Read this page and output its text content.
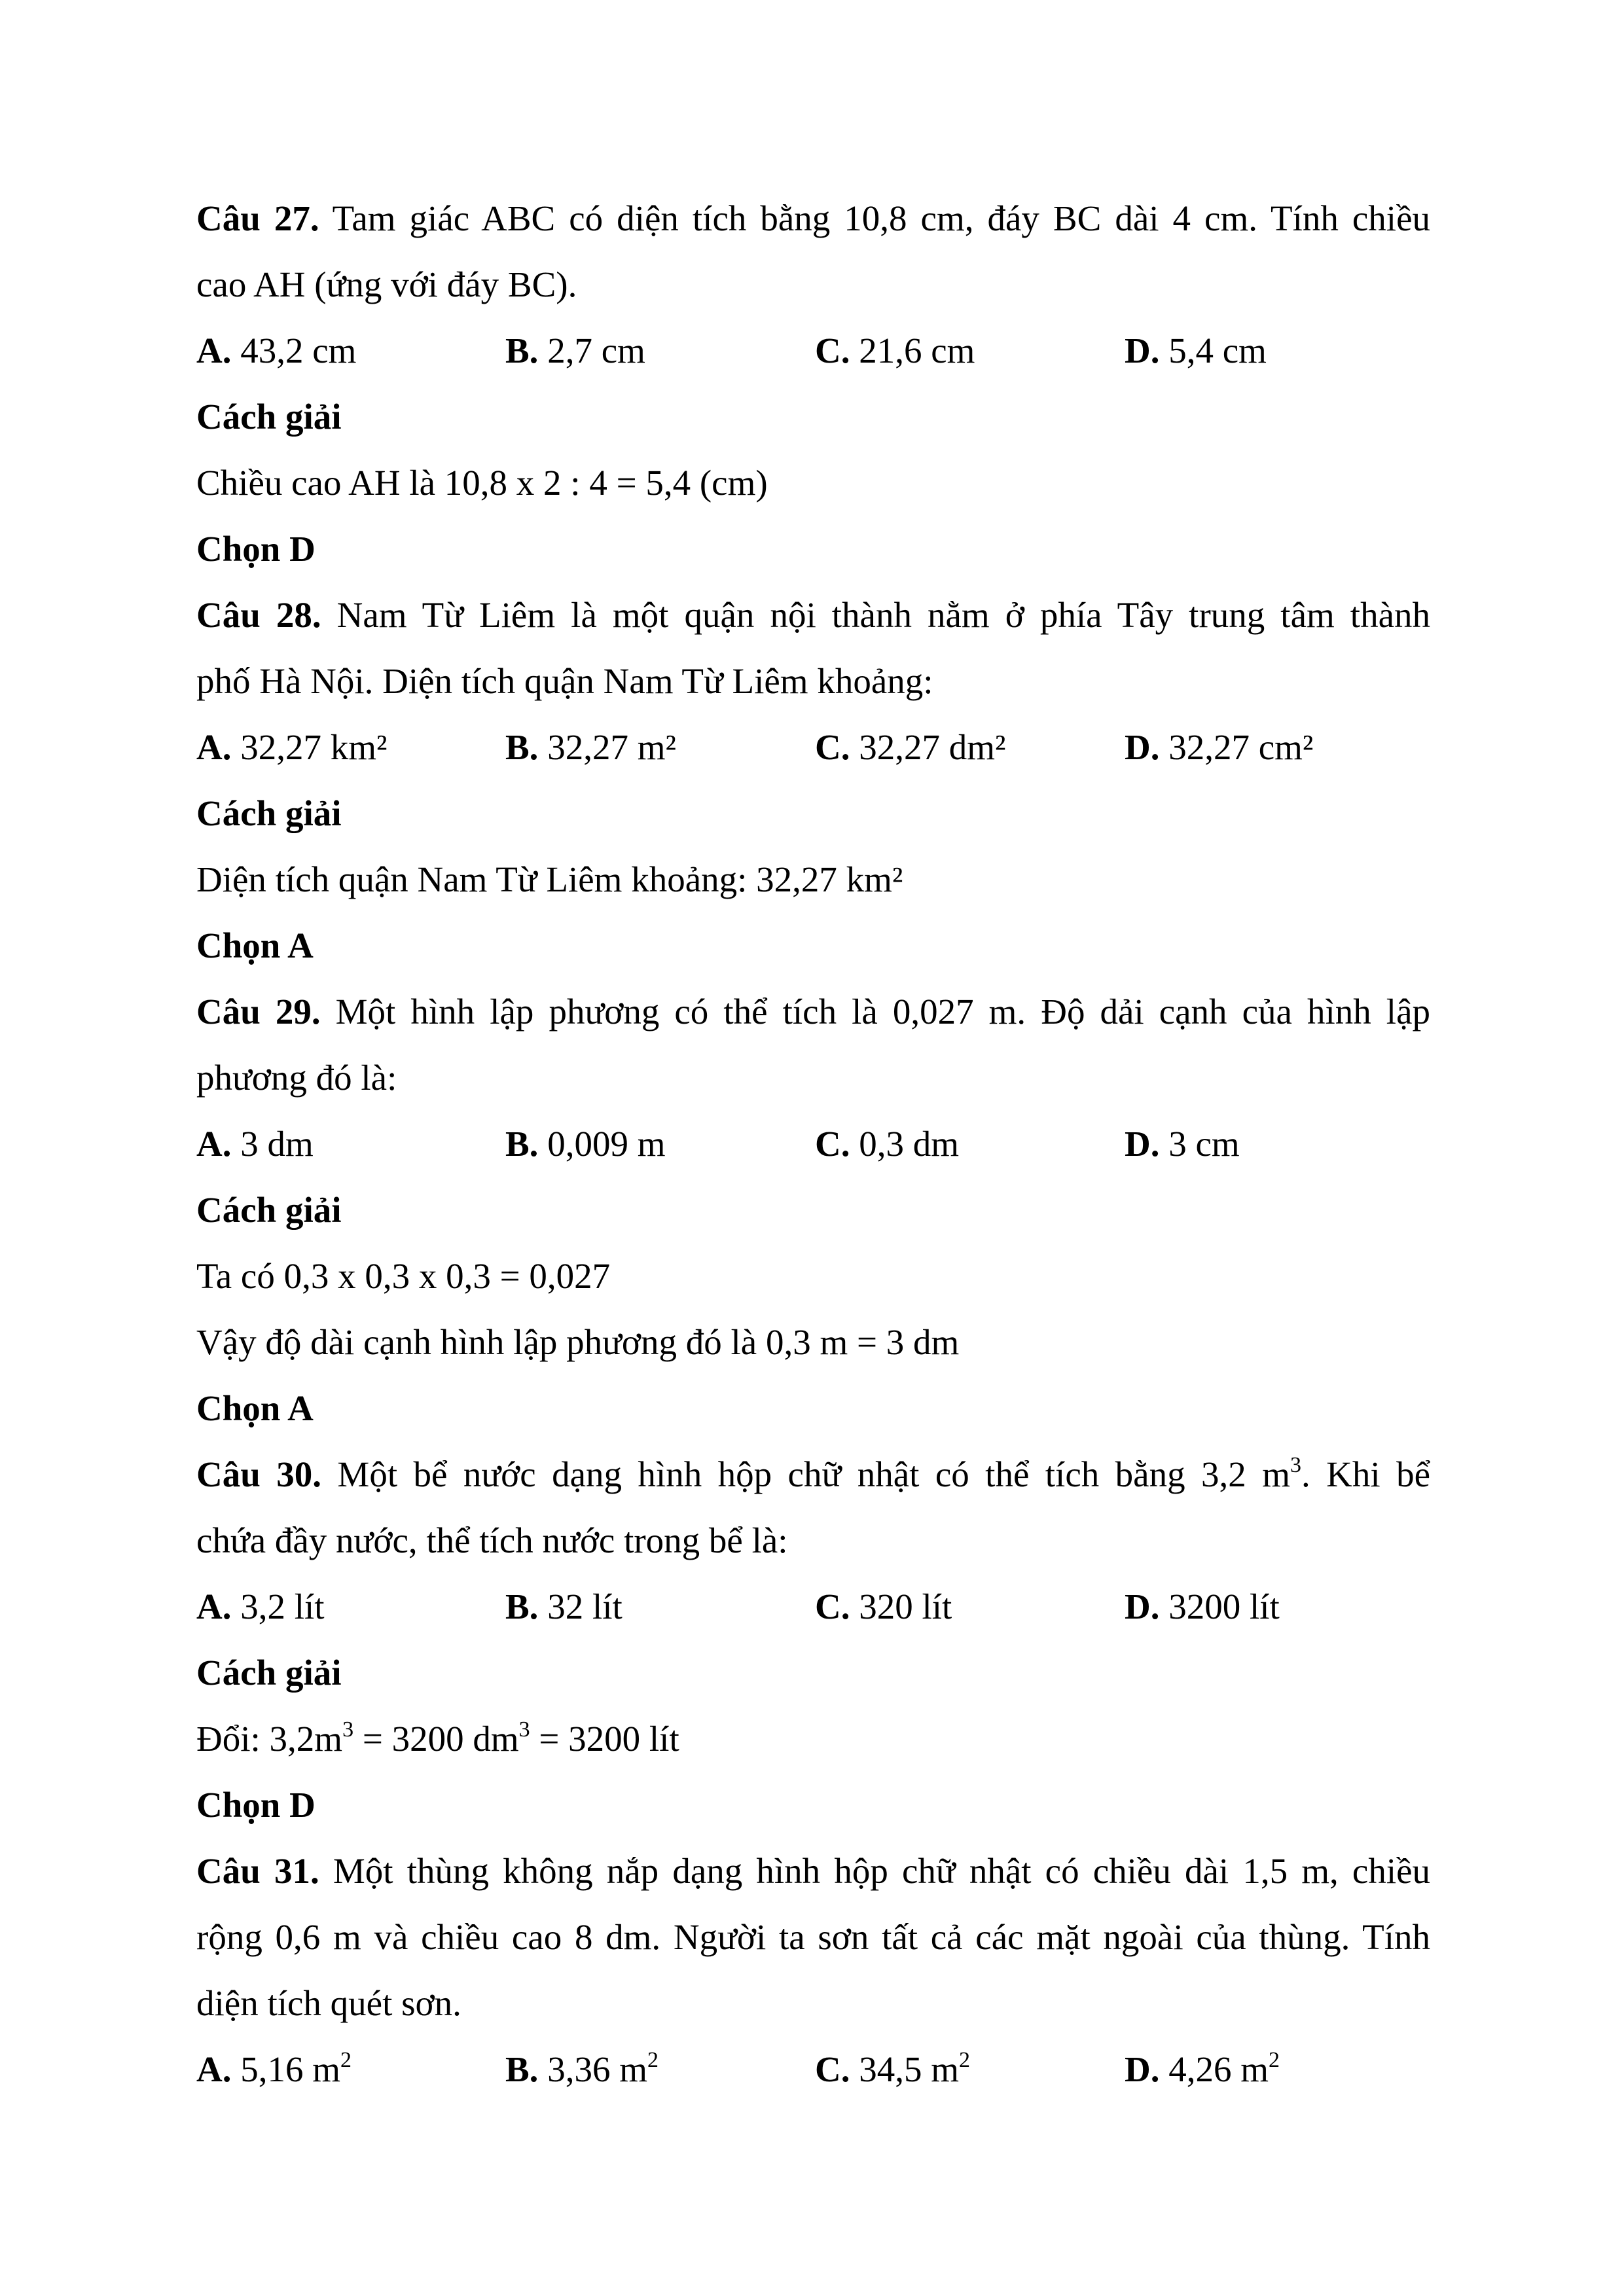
Câu 27. Tam giác ABC có diện tích bằng 10,8 cm, đáy BC dài 4 cm. Tính chiều
cao AH (ứng với đáy BC).
A. 43,2 cm	B. 2,7 cm	C. 21,6 cm	D. 5,4 cm
Cách giải
Chiều cao AH là 10,8 x 2 : 4 = 5,4 (cm)
Chọn D
Câu 28. Nam Từ Liêm là một quận nội thành nằm ở phía Tây trung tâm thành
phố Hà Nội. Diện tích quận Nam Từ Liêm khoảng:
A. 32,27 km²	B. 32,27 m²	C. 32,27 dm²	D. 32,27 cm²
Cách giải
Diện tích quận Nam Từ Liêm khoảng: 32,27 km²
Chọn A
Câu 29. Một hình lập phương có thể tích là 0,027 m. Độ dải cạnh của hình lập
phương đó là:
A. 3 dm	B. 0,009 m	C. 0,3 dm	D. 3 cm
Cách giải
Ta có 0,3 x 0,3 x 0,3 = 0,027
Vậy độ dài cạnh hình lập phương đó là 0,3 m = 3 dm
Chọn A
Câu 30. Một bể nước dạng hình hộp chữ nhật có thể tích bằng 3,2 $m^3$. Khi bể
chứa đầy nước, thể tích nước trong bể là:
A. 3,2 lít	B. 32 lít	C. 320 lít	D. 3200 lít
Cách giải
Đổi: $3,2m^3 = 3200$ $dm^3 = 3200$ lít
Chọn D
Câu 31. Một thùng không nắp dạng hình hộp chữ nhật có chiều dài 1,5 m, chiều
rộng 0,6 m và chiều cao 8 dm. Người ta sơn tất cả các mặt ngoài của thùng. Tính
diện tích quét sơn.
A. 5,16 $m^2$	B. 3,36 $m^2$	C. 34,5 $m^2$	D. 4,26 $m^2$
